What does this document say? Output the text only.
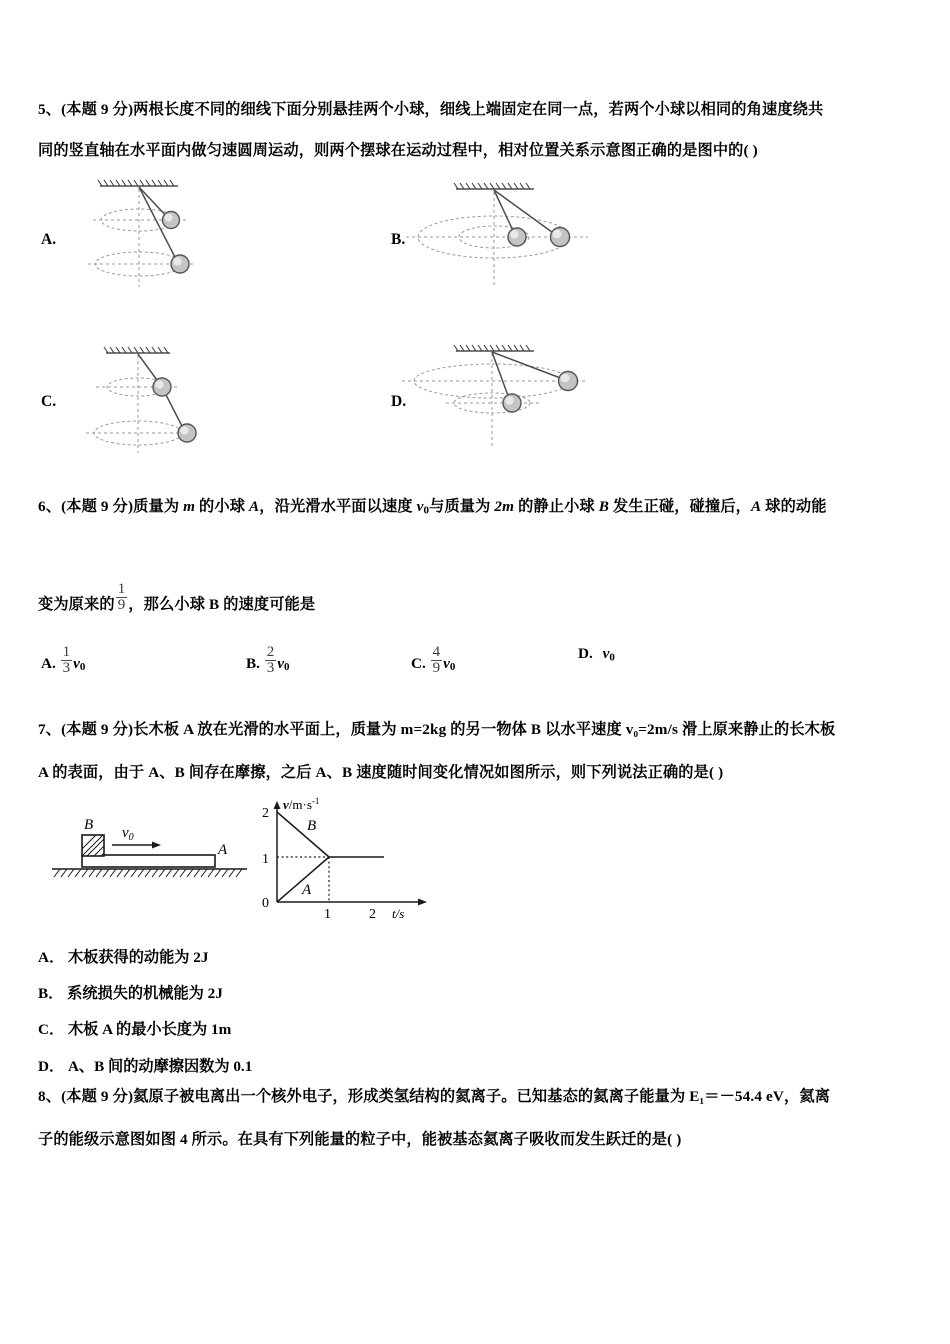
5、(本题 9 分)两根长度不同的细线下面分别悬挂两个小球，细线上端固定在同一点，若两个小球以相同的角速度绕共
同的竖直轴在水平面内做匀速圆周运动，则两个摆球在运动过程中，相对位置关系示意图正确的是图中的( )
A.	B.
C.	D.
6、(本题 9 分)质量为 m 的小球 A，沿光滑水平面以速度 $v_0$与质量为 2m 的静止小球 B 发生正碰，碰撞后，A 球的动能
变为原来的 $\frac{1}{9}$ ，那么小球 B 的速度可能是
A. $\frac{1}{3} v_0$	B. $\frac{2}{3} v_0$	C. $\frac{4}{9} v_0$
D. $v_0$
7、(本题 9 分)长木板 A 放在光滑的水平面上，质量为 m=2kg 的另一物体 B 以水平速度 v₀=2m/s 滑上原来静止的长木板
A 的表面，由于 A、B 间存在摩擦，之后 A、B 速度随时间变化情况如图所示，则下列说法正确的是( )
B
A
$v_0$
2
1
0
1	2
$v/m\cdot s^{-1}$
t/s
B
A
A． 木板获得的动能为 2J
B． 系统损失的机械能为 2J
C． 木板 A 的最小长度为 1m
D． A、B 间的动摩擦因数为 0.1
8、(本题 9 分)氦原子被电离出一个核外电子，形成类氢结构的氦离子。已知基态的氦离子能量为 E₁＝－54.4 eV，氦离
子的能级示意图如图 4 所示。在具有下列能量的粒子中，能被基态氦离子吸收而发生跃迁的是( )
